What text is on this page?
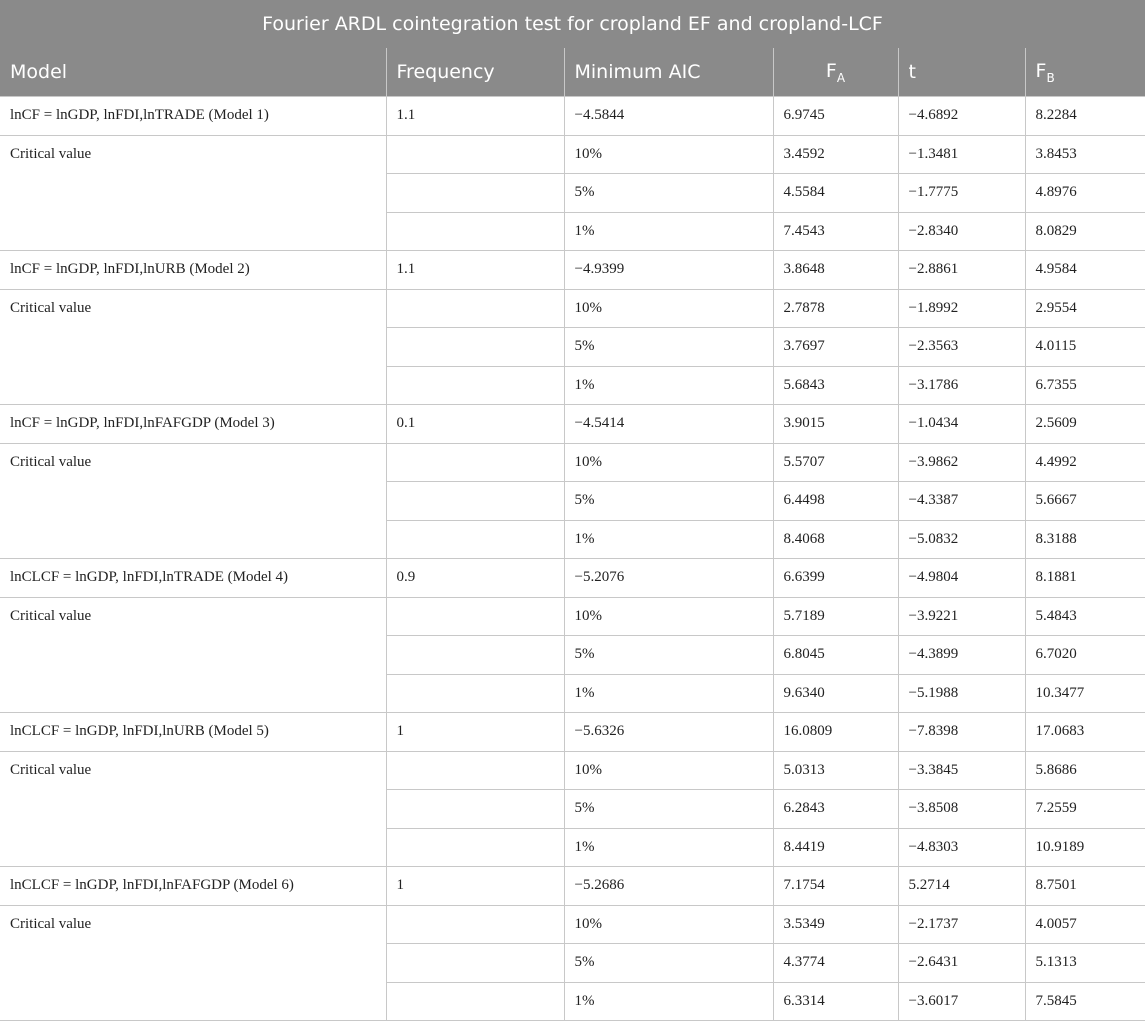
Fourier ARDL cointegration test for cropland EF and cropland-LCF					
Model	Frequency	Minimum AIC	$F_A$	t	$F_B$
lnCF = lnGDP, lnFDI,lnTRADE (Model 1)	1.1	−4.5844	6.9745	−4.6892	8.2284
Critical value		10%	3.4592	−1.3481	3.8453
		5%	4.5584	−1.7775	4.8976
		1%	7.4543	−2.8340	8.0829
lnCF = lnGDP, lnFDI,lnURB (Model 2)	1.1	−4.9399	3.8648	−2.8861	4.9584
Critical value		10%	2.7878	−1.8992	2.9554
		5%	3.7697	−2.3563	4.0115
		1%	5.6843	−3.1786	6.7355
lnCF = lnGDP, lnFDI,lnFAFGDP (Model 3)	0.1	−4.5414	3.9015	−1.0434	2.5609
Critical value		10%	5.5707	−3.9862	4.4992
		5%	6.4498	−4.3387	5.6667
		1%	8.4068	−5.0832	8.3188
lnCLCF = lnGDP, lnFDI,lnTRADE (Model 4)	0.9	−5.2076	6.6399	−4.9804	8.1881
Critical value		10%	5.7189	−3.9221	5.4843
		5%	6.8045	−4.3899	6.7020
		1%	9.6340	−5.1988	10.3477
lnCLCF = lnGDP, lnFDI,lnURB (Model 5)	1	−5.6326	16.0809	−7.8398	17.0683
Critical value		10%	5.0313	−3.3845	5.8686
		5%	6.2843	−3.8508	7.2559
		1%	8.4419	−4.8303	10.9189
lnCLCF = lnGDP, lnFDI,lnFAFGDP (Model 6)	1	−5.2686	7.1754	5.2714	8.7501
Critical value		10%	3.5349	−2.1737	4.0057
		5%	4.3774	−2.6431	5.1313
		1%	6.3314	−3.6017	7.5845
